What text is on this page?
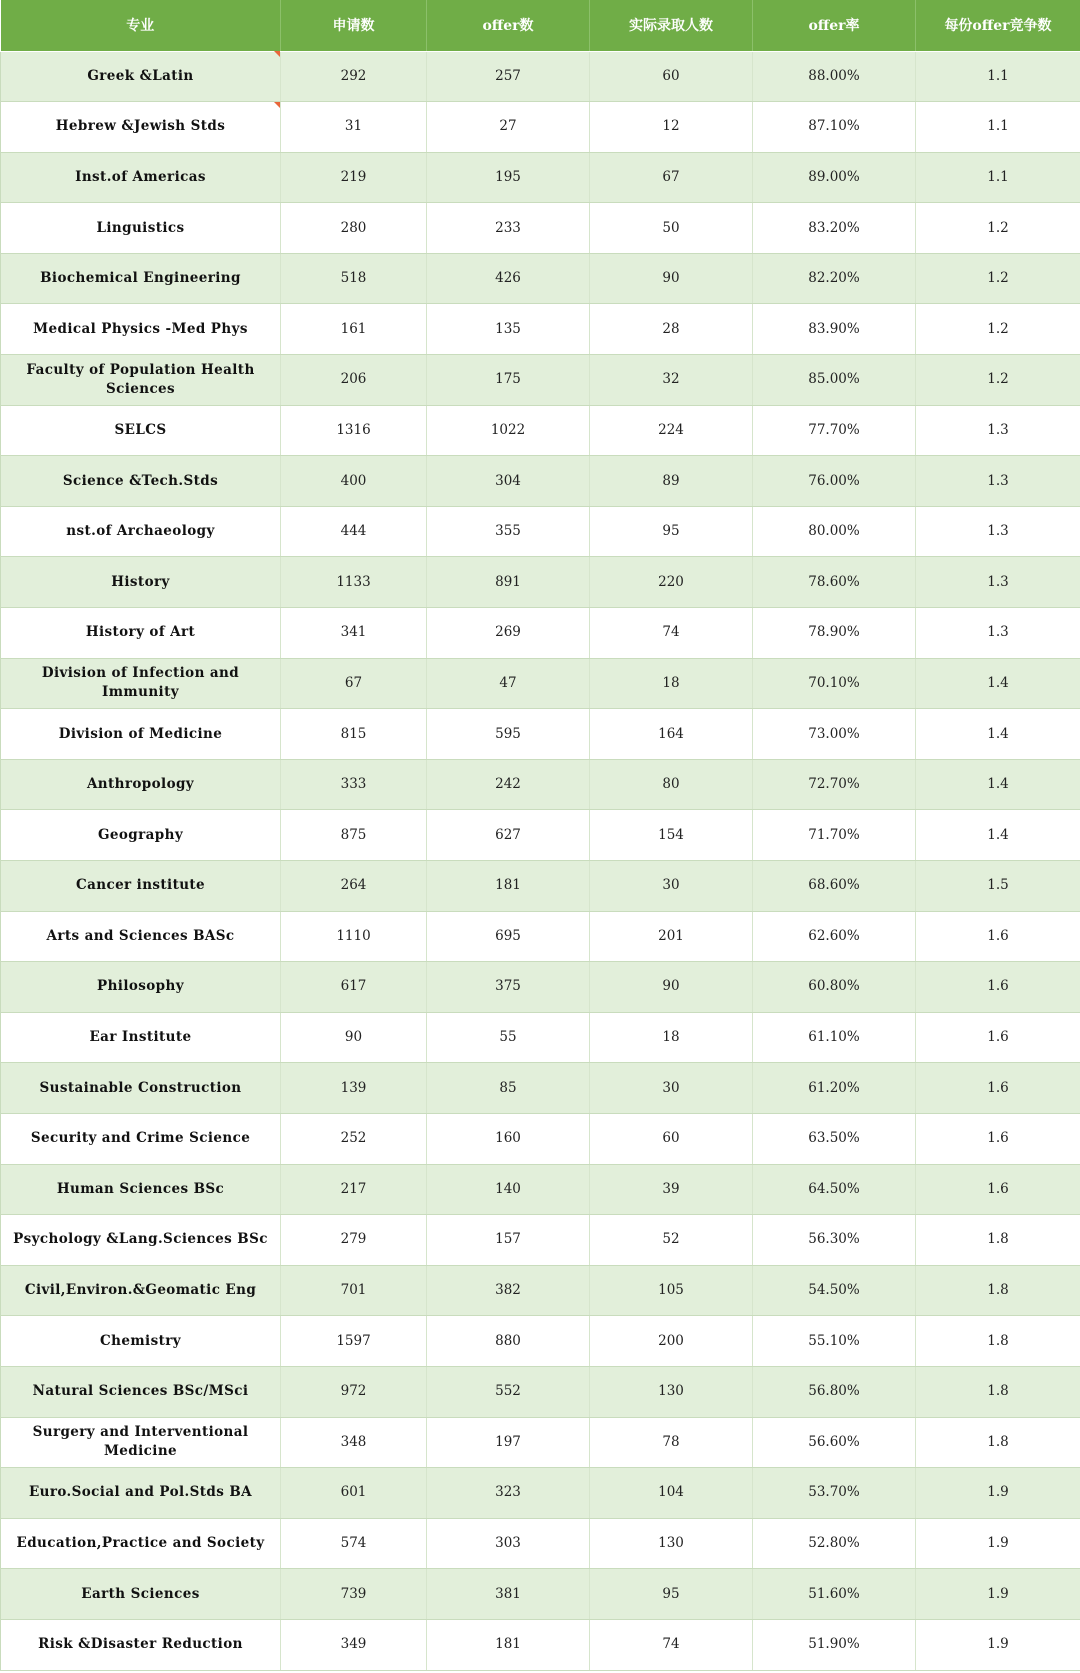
专业	申请数	offer数	实际录取人数	offer率	每份offer竞争数
Greek &Latin	292	257	60	88.00%	1.1
Hebrew &Jewish Stds	31	27	12	87.10%	1.1
Inst.of Americas	219	195	67	89.00%	1.1
Linguistics	280	233	50	83.20%	1.2
Biochemical Engineering	518	426	90	82.20%	1.2
Medical Physics -Med Phys	161	135	28	83.90%	1.2
Faculty of Population Health Sciences	206	175	32	85.00%	1.2
SELCS	1316	1022	224	77.70%	1.3
Science &Tech.Stds	400	304	89	76.00%	1.3
nst.of Archaeology	444	355	95	80.00%	1.3
History	1133	891	220	78.60%	1.3
History of Art	341	269	74	78.90%	1.3
Division of Infection and Immunity	67	47	18	70.10%	1.4
Division of Medicine	815	595	164	73.00%	1.4
Anthropology	333	242	80	72.70%	1.4
Geography	875	627	154	71.70%	1.4
Cancer institute	264	181	30	68.60%	1.5
Arts and Sciences BASc	1110	695	201	62.60%	1.6
Philosophy	617	375	90	60.80%	1.6
Ear Institute	90	55	18	61.10%	1.6
Sustainable Construction	139	85	30	61.20%	1.6
Security and Crime Science	252	160	60	63.50%	1.6
Human Sciences BSc	217	140	39	64.50%	1.6
Psychology &Lang.Sciences BSc	279	157	52	56.30%	1.8
Civil,Environ.&Geomatic Eng	701	382	105	54.50%	1.8
Chemistry	1597	880	200	55.10%	1.8
Natural Sciences BSc/MSci	972	552	130	56.80%	1.8
Surgery and Interventional Medicine	348	197	78	56.60%	1.8
Euro.Social and Pol.Stds BA	601	323	104	53.70%	1.9
Education,Practice and Society	574	303	130	52.80%	1.9
Earth Sciences	739	381	95	51.60%	1.9
Risk &Disaster Reduction	349	181	74	51.90%	1.9
